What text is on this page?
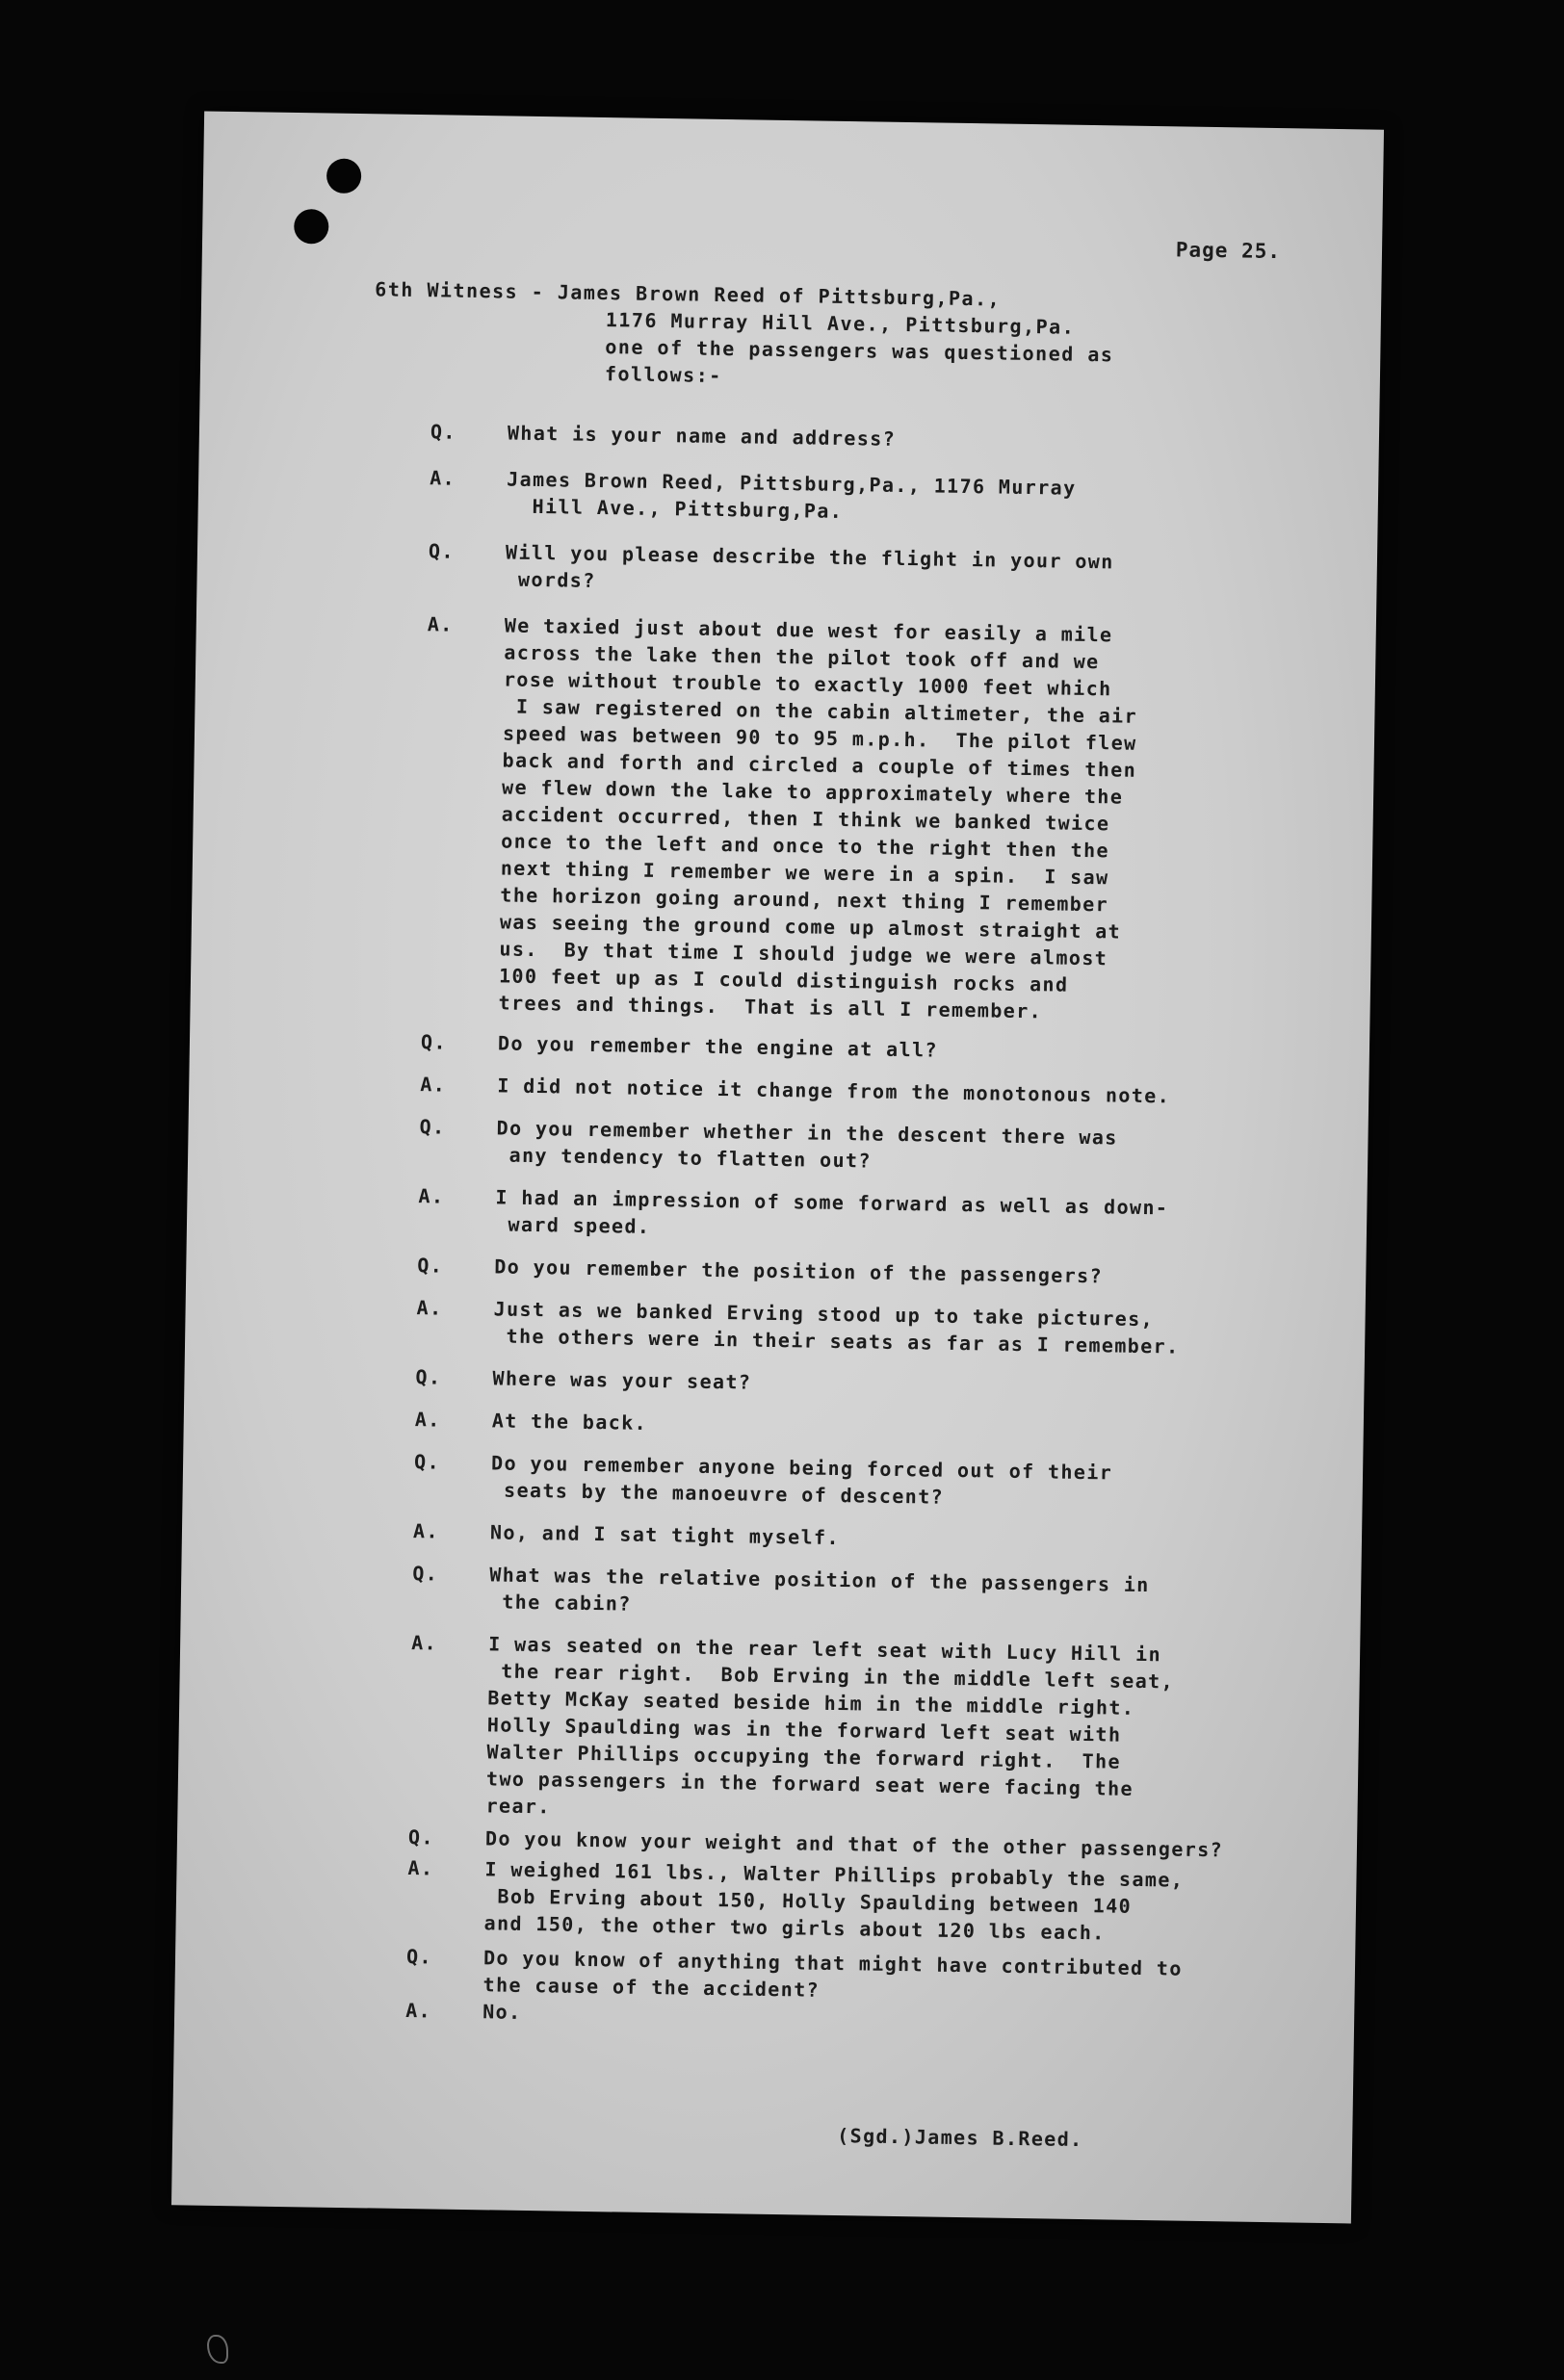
Page 25.
6th Witness - James Brown Reed of Pittsburg,Pa.,
1176 Murray Hill Ave., Pittsburg,Pa.
one of the passengers was questioned as
follows:-
Q.	What is your name and address?
A.	James Brown Reed, Pittsburg,Pa., 1176 Murray
Hill Ave., Pittsburg,Pa.
Q.	Will you please describe the flight in your own
words?
A.	We taxied just about due west for easily a mile
across the lake then the pilot took off and we
rose without trouble to exactly 1000 feet which
I saw registered on the cabin altimeter, the air
speed was between 90 to 95 m.p.h.  The pilot flew
back and forth and circled a couple of times then
we flew down the lake to approximately where the
accident occurred, then I think we banked twice
once to the left and once to the right then the
next thing I remember we were in a spin.  I saw
the horizon going around, next thing I remember
was seeing the ground come up almost straight at
us.  By that time I should judge we were almost
100 feet up as I could distinguish rocks and
trees and things.  That is all I remember.
Q.	Do you remember the engine at all?
A.	I did not notice it change from the monotonous note.
Q.	Do you remember whether in the descent there was
any tendency to flatten out?
A.	I had an impression of some forward as well as down-
ward speed.
Q.	Do you remember the position of the passengers?
A.	Just as we banked Erving stood up to take pictures,
the others were in their seats as far as I remember.
Q.	Where was your seat?
A.	At the back.
Q.	Do you remember anyone being forced out of their
seats by the manoeuvre of descent?
A.	No, and I sat tight myself.
Q.	What was the relative position of the passengers in
the cabin?
A.	I was seated on the rear left seat with Lucy Hill in
the rear right.  Bob Erving in the middle left seat,
Betty McKay seated beside him in the middle right.
Holly Spaulding was in the forward left seat with
Walter Phillips occupying the forward right.  The
two passengers in the forward seat were facing the
rear.
Q.	Do you know your weight and that of the other passengers?
A.	I weighed 161 lbs., Walter Phillips probably the same,
Bob Erving about 150, Holly Spaulding between 140
and 150, the other two girls about 120 lbs each.
Q.	Do you know of anything that might have contributed to
the cause of the accident?
A.	No.
(Sgd.)James B.Reed.
